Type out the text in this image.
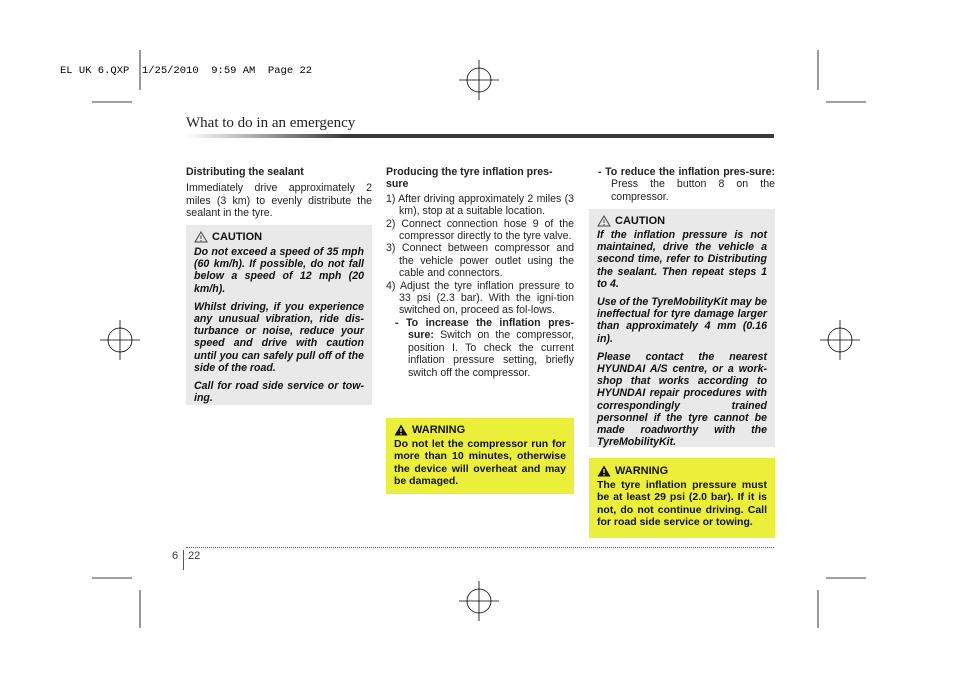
EL UK 6.QXP  1/25/2010  9:59 AM  Page 22
What to do in an emergency

Distributing the sealant

Immediately drive approximately 2 miles (3 km) to evenly distribute the sealant in the tyre.

CAUTION

Do not exceed a speed of 35 mph (60 km/h). If possible, do not fall below a speed of 12 mph (20 km/h).

Whilst driving, if you experience any unusual vibration, ride dis-turbance or noise, reduce your speed and drive with caution until you can safely pull off of the side of the road.

Call for road side service or tow-ing.

Producing the tyre inflation pres-sure

1) After driving approximately 2 miles (3 km), stop at a suitable location.

2) Connect connection hose 9 of the compressor directly to the tyre valve.

3) Connect between compressor and the vehicle power outlet using the cable and connectors.

4) Adjust the tyre inflation pressure to 33 psi (2.3 bar). With the igni-tion switched on, proceed as fol-lows.

- To increase the inflation pres-sure: Switch on the compressor, position I. To check the current inflation pressure setting, briefly switch off the compressor.

WARNING
Do not let the compressor run for more than 10 minutes, otherwise the device will overheat and may be damaged.

- To reduce the inflation pres-sure: Press the button 8 on the compressor.

CAUTION

If the inflation pressure is not maintained, drive the vehicle a second time, refer to Distributing the sealant. Then repeat steps 1 to 4.

Use of the TyreMobilityKit may be ineffectual for tyre damage larger than approximately 4 mm (0.16 in).

Please contact the nearest HYUNDAI A/S centre, or a work-shop that works according to HYUNDAI repair procedures with correspondingly trained personnel if the tyre cannot be made roadworthy with the TyreMobilityKit.

WARNING
The tyre inflation pressure must be at least 29 psi (2.0 bar). If it is not, do not continue driving. Call for road side service or towing.
6 22
